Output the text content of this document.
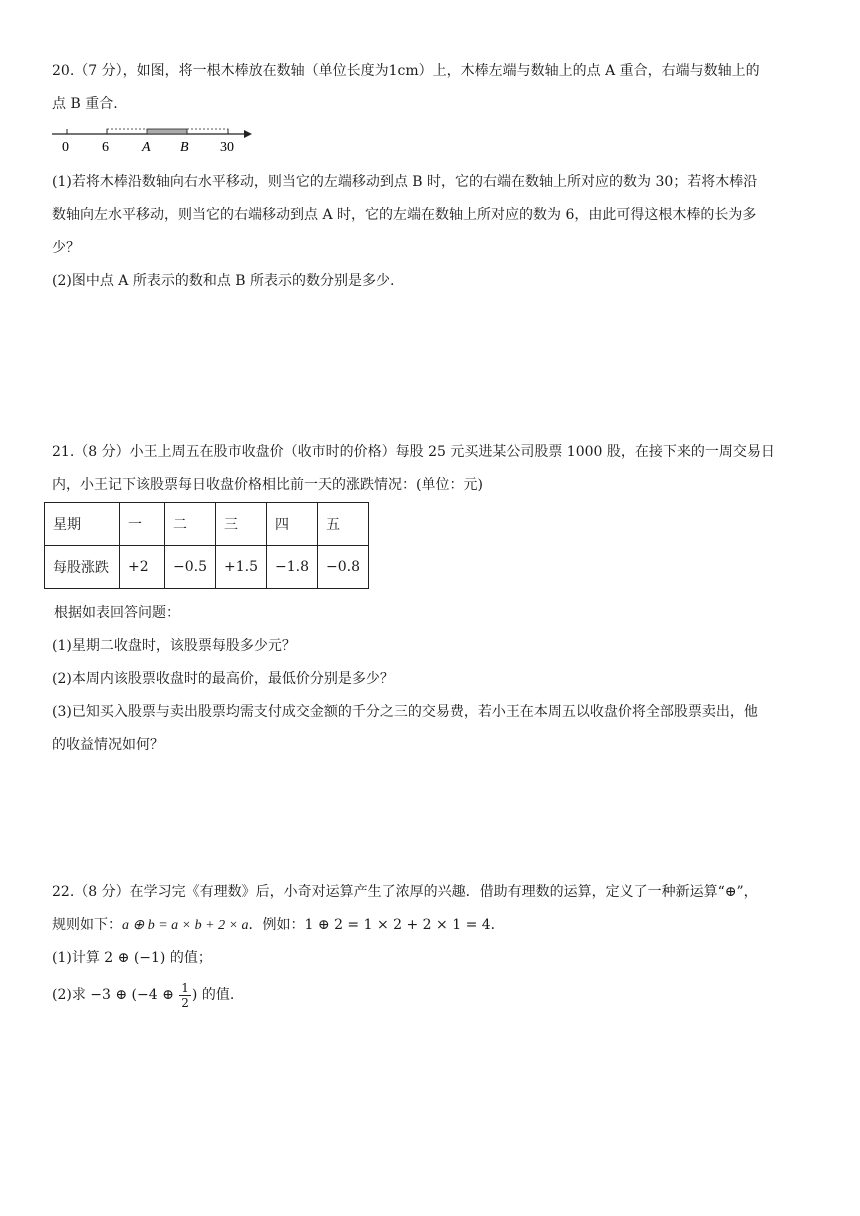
20.（7 分），如图，将一根木棒放在数轴（单位长度为1cm）上，木棒左端与数轴上的点 A 重合，右端与数轴上的

点 B 重合.

0 6 A B 30

(1)若将木棒沿数轴向右水平移动，则当它的左端移动到点 B 时，它的右端在数轴上所对应的数为 30；若将木棒沿

数轴向左水平移动，则当它的右端移动到点 A 时，它的左端在数轴上所对应的数为 6，由此可得这根木棒的长为多

少？

(2)图中点 A 所表示的数和点 B 所表示的数分别是多少.

21.（8 分）小王上周五在股市收盘价（收市时的价格）每股 25 元买进某公司股票 1000 股，在接下来的一周交易日

内，小王记下该股票每日收盘价格相比前一天的涨跌情况：(单位：元)

星期	一	二	三	四	五
每股涨跌	+2	−0.5	+1.5	−1.8	−0.8

根据如表回答问题：

(1)星期二收盘时，该股票每股多少元？

(2)本周内该股票收盘时的最高价，最低价分别是多少？

(3)已知买入股票与卖出股票均需支付成交金额的千分之三的交易费，若小王在本周五以收盘价将全部股票卖出，他

的收益情况如何？

22.（8 分）在学习完《有理数》后，小奇对运算产生了浓厚的兴趣．借助有理数的运算，定义了一种新运算“⊕”，

规则如下：a ⊕ b = a × b + 2 × a．例如：1 ⊕ 2 = 1 × 2 + 2 × 1 = 4．

(1)计算 2 ⊕ (−1) 的值；

(2)求 −3 ⊕ (−4 ⊕ $\frac{1}{2}$ ) 的值.
